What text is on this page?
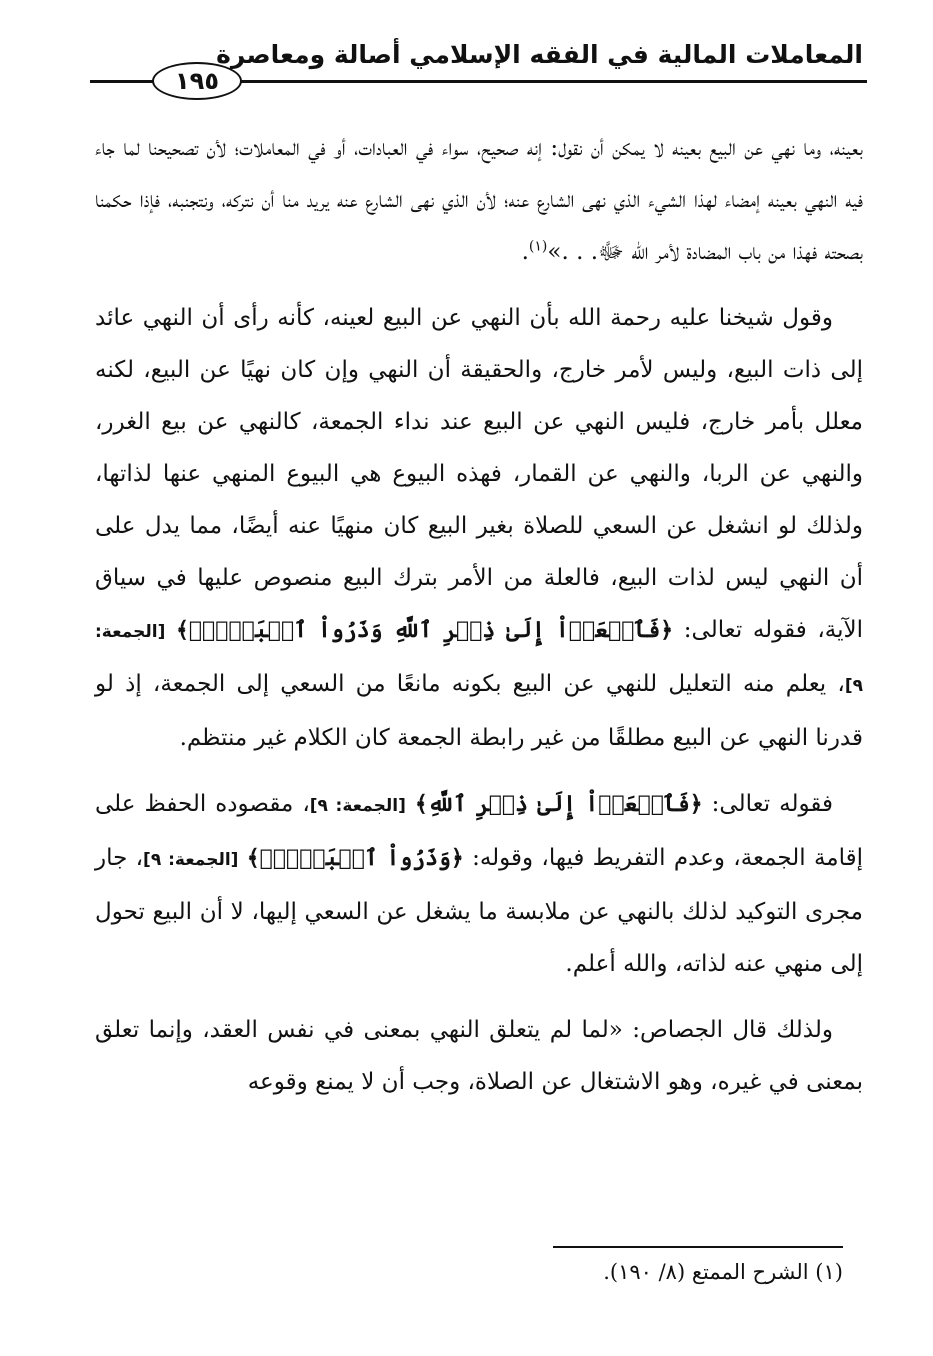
المعاملات المالية في الفقه الإسلامي أصالة ومعاصرة
١٩٥

بعينه، وما نهي عن البيع بعينه لا يمكن أن نقول: إنه صحيح، سواء في العبادات، أو في المعاملات؛ لأن تصحيحنا لما جاء فيه النهي بعينه إمضاء لهذا الشيء الذي نهى الشارع عنه؛ لأن الذي نهى الشارع عنه يريد منا أن نتركه، ونتجنبه، فإذا حكمنا بصحته فهذا من باب المضادة لأمر الله ﷻ. . .»$^{(١)}$.

وقول شيخنا عليه رحمة الله بأن النهي عن البيع لعينه، كأنه رأى أن النهي عائد إلى ذات البيع، وليس لأمر خارج، والحقيقة أن النهي وإن كان نهيًا عن البيع، لكنه معلل بأمر خارج، فليس النهي عن البيع عند نداء الجمعة، كالنهي عن بيع الغرر، والنهي عن الربا، والنهي عن القمار، فهذه البيوع هي البيوع المنهي عنها لذاتها، ولذلك لو انشغل عن السعي للصلاة بغير البيع كان منهيًا عنه أيضًا، مما يدل على أن النهي ليس لذات البيع، فالعلة من الأمر بترك البيع منصوص عليها في سياق الآية، فقوله تعالى: ﴿فَٱسۡعَوۡاْ إِلَىٰ ذِكۡرِ ٱللَّهِ وَذَرُواْ ٱلۡبَيۡعَۚ﴾ [الجمعة: ٩]، يعلم منه التعليل للنهي عن البيع بكونه مانعًا من السعي إلى الجمعة، إذ لو قدرنا النهي عن البيع مطلقًا من غير رابطة الجمعة كان الكلام غير منتظم.

فقوله تعالى: ﴿فَٱسۡعَوۡاْ إِلَىٰ ذِكۡرِ ٱللَّهِ﴾ [الجمعة: ٩]، مقصوده الحفظ على إقامة الجمعة، وعدم التفريط فيها، وقوله: ﴿وَذَرُواْ ٱلۡبَيۡعَۚ﴾ [الجمعة: ٩]، جار مجرى التوكيد لذلك بالنهي عن ملابسة ما يشغل عن السعي إليها، لا أن البيع تحول إلى منهي عنه لذاته، والله أعلم.

ولذلك قال الجصاص: «لما لم يتعلق النهي بمعنى في نفس العقد، وإنما تعلق بمعنى في غيره، وهو الاشتغال عن الصلاة، وجب أن لا يمنع وقوعه

(١) الشرح الممتع (٨/ ١٩٠).
